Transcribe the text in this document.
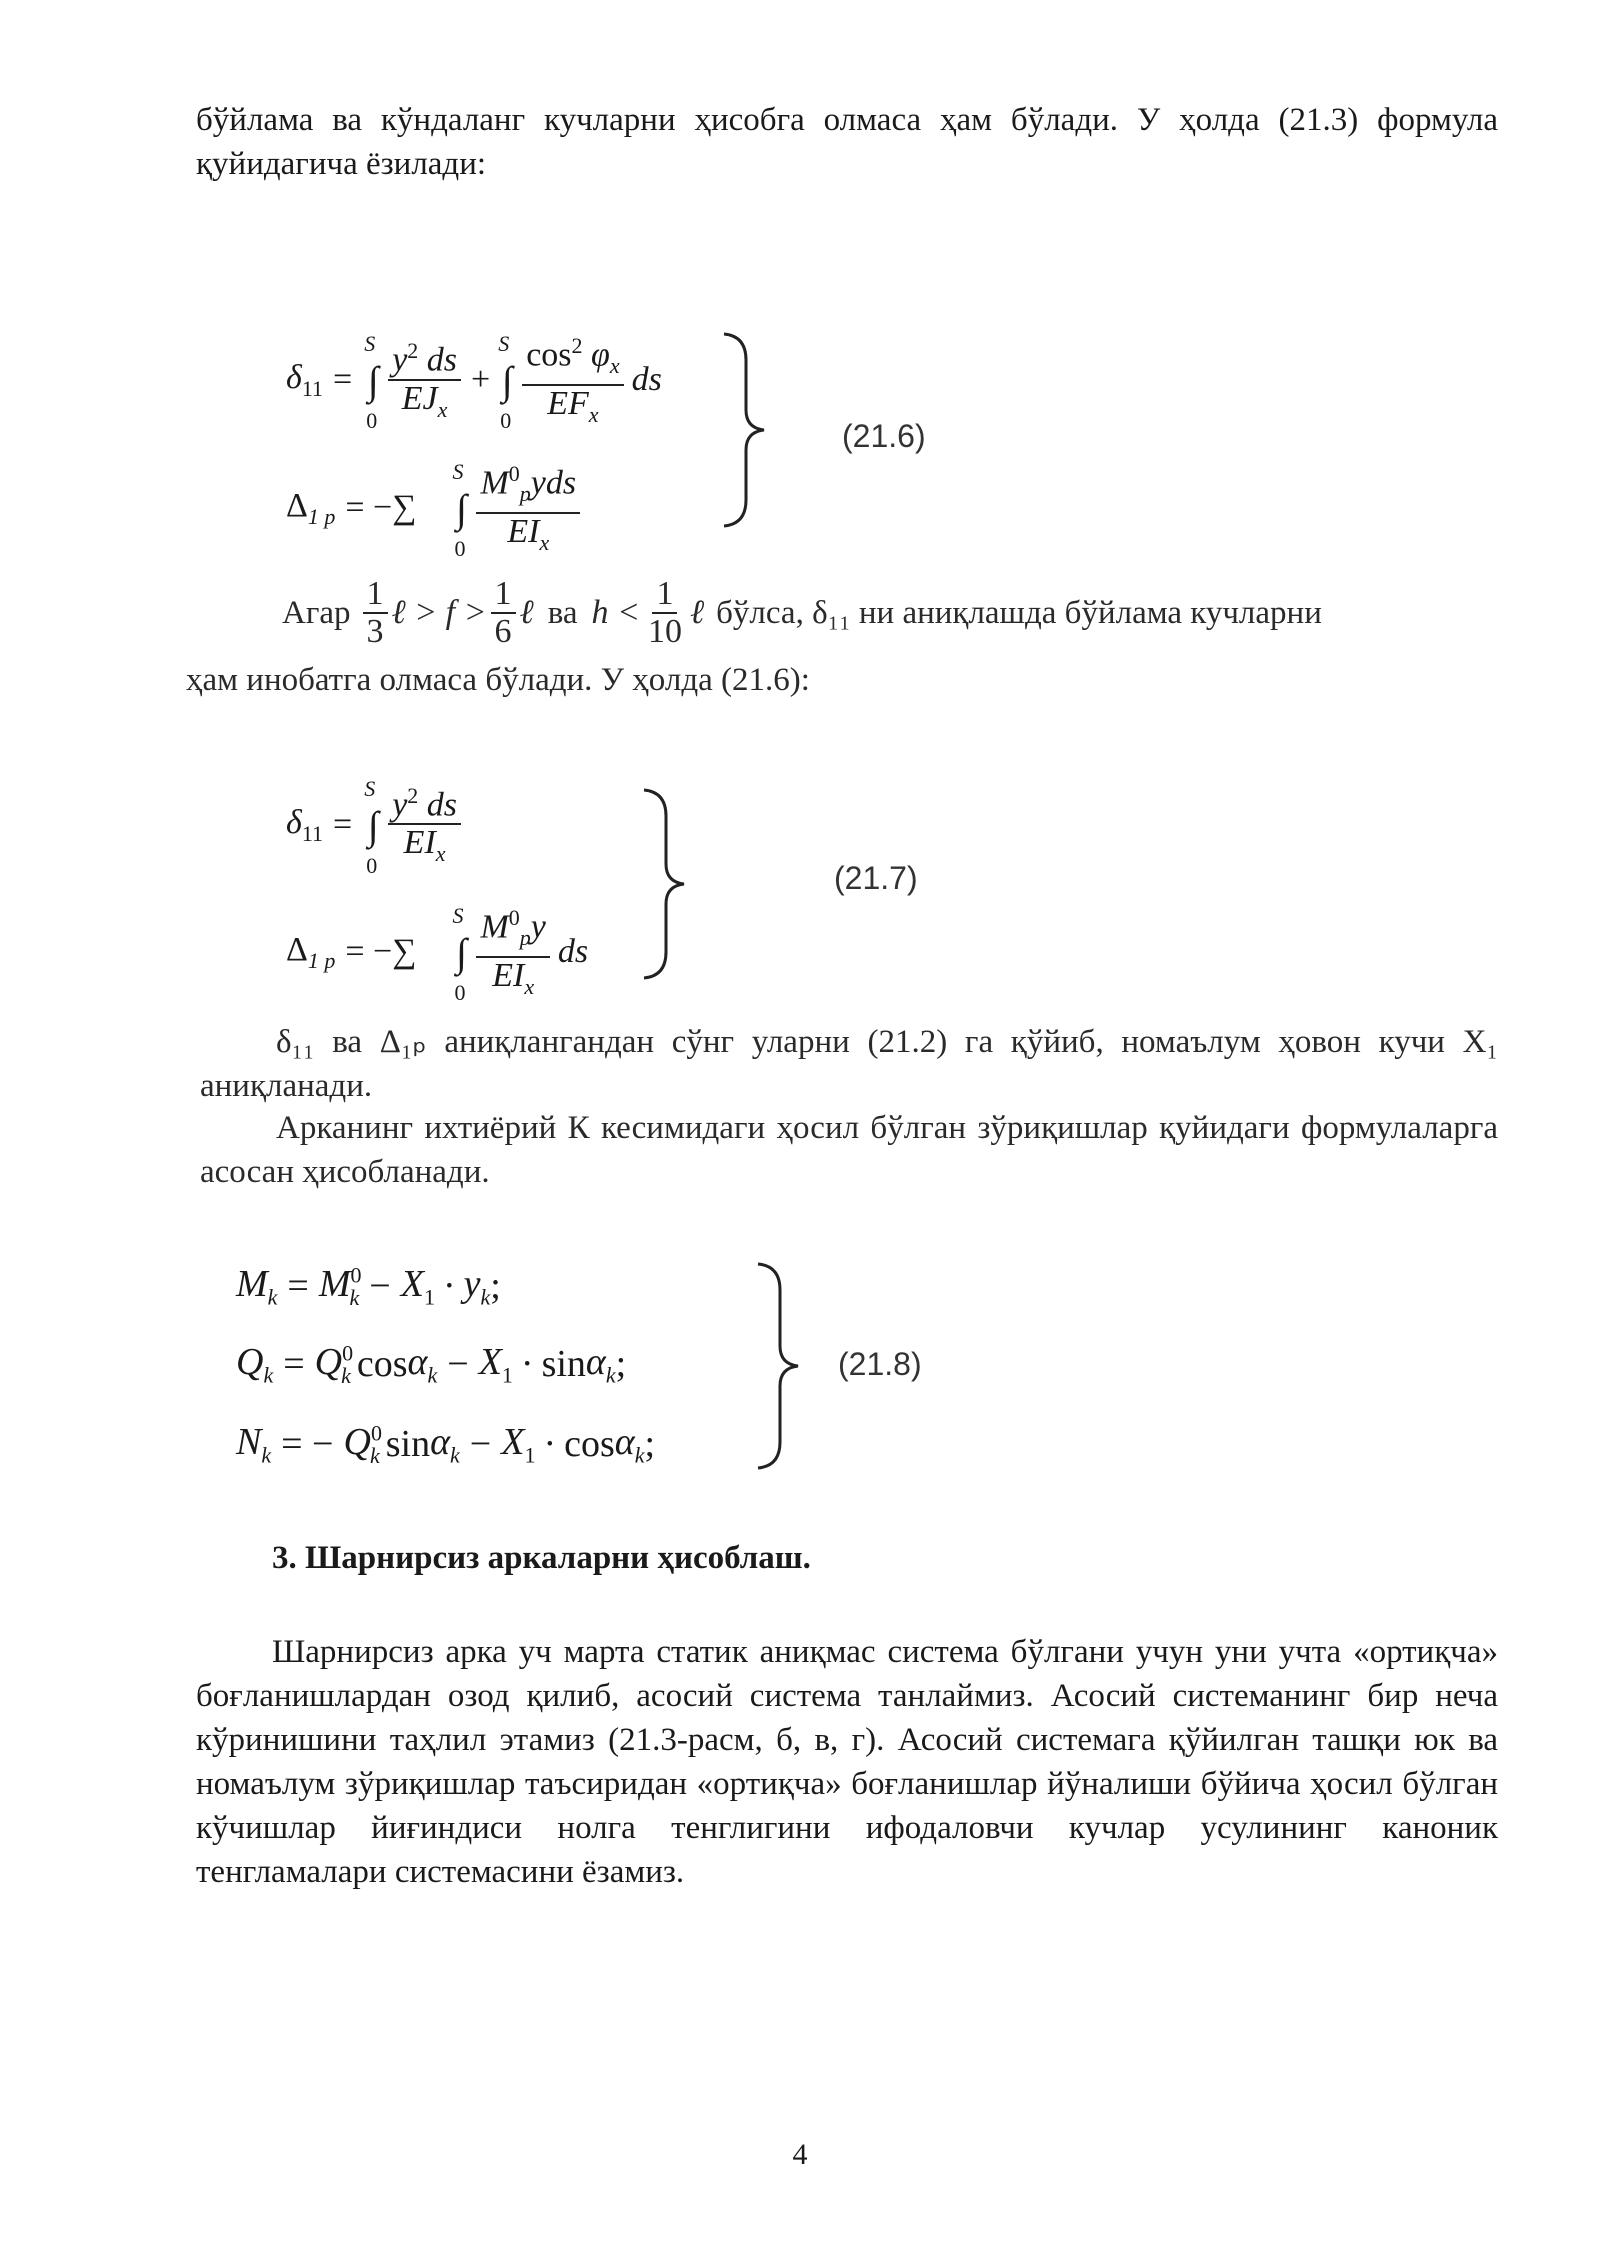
бўйлама ва кўндаланг кучларни ҳисобга олмаса ҳам бўлади. У ҳолда (21.3) формула қуйидагича ёзилади:

$\delta_{11}$ = ∫
S
$0 \frac{y^2 ds}{EJ_x}$ + ∫
S
$0 \frac{\cos^2 \varphi_x}{EF_x}$ ds
$\Delta_{1 p}$ = −∑ ∫
S
$0 \frac{M^0_pyds}{EI_x}$
(21.6)
Агар $\frac{1}{3}$ ℓ > $f > \frac{1}{6}$ ℓ ва $h < \frac{1}{10}$ ℓ бўлса, δ₁₁ ни аниқлашда бўйлама кучларни
ҳам инобатга олмаса бўлади. У ҳолда (21.6):
$\delta_{11}$ = ∫
S
$0 \frac{y^2 ds}{EI_x}$
$\Delta_{1 p}$ = −∑ ∫
S
$0 \frac{M^0_py}{EI_x}$ ds
(21.7)

δ₁₁ ва Δ₁ₚ аниқлангандан сўнг уларни (21.2) га қўйиб, номаълум ҳовон кучи X₁ аниқланади.

Арканинг ихтиёрий К кесимидаги ҳосил бўлган зўриқишлар қуйидаги формулаларга асосан ҳисобланади.

$M_k = M^0_k - X_1 \cdot y_k$ ;
$Q_k = Q^0_k$ $\cos \alpha_k - X_1 \cdot \sin \alpha_k$ ;
$N_k$ = − $Q^0_k$ $\sin \alpha_k - X_1 \cdot \cos \alpha_k$ ;
(21.8)
3. Шарнирсиз аркаларни ҳисоблаш.

Шарнирсиз арка уч марта статик аниқмас система бўлгани учун уни учта «ортиқча» боғланишлардан озод қилиб, асосий система танлаймиз. Асосий системанинг бир неча кўринишини таҳлил этамиз (21.3-расм, б, в, г). Асосий системага қўйилган ташқи юк ва номаълум зўриқишлар таъсиридан «ортиқча» боғланишлар йўналиши бўйича ҳосил бўлган кўчишлар йиғиндиси нолга тенглигини ифодаловчи кучлар усулининг каноник тенгламалари системасини ёзамиз.

4
